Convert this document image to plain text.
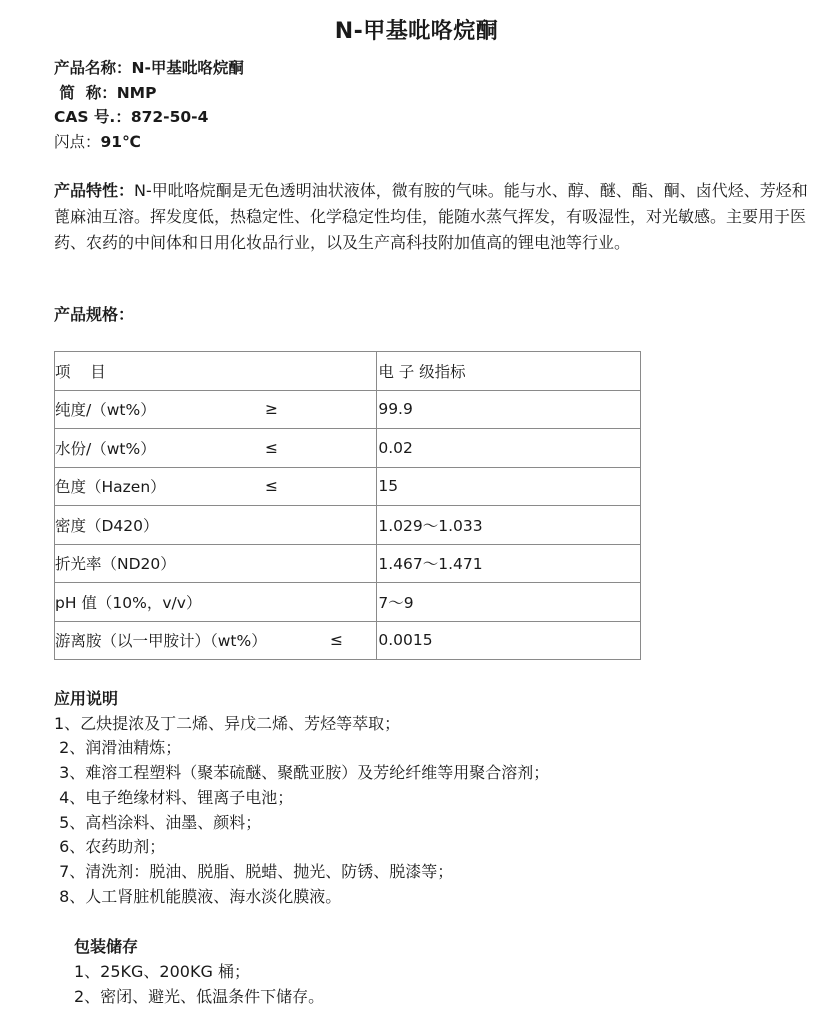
N-甲基吡咯烷酮
产品名称：N-甲基吡咯烷酮
简  称：NMP
CAS 号.：872-50-4
闪点：91℃
产品特性：N-甲吡咯烷酮是无色透明油状液体，微有胺的气味。能与水、醇、醚、酯、酮、卤代烃、芳烃和蓖麻油互溶。挥发度低，热稳定性、化学稳定性均佳，能随水蒸气挥发，有吸湿性，对光敏感。主要用于医药、农药的中间体和日用化妆品行业，以及生产高科技附加值高的锂电池等行业。
产品规格：
项    目	电 子 级指标

纯度/（wt%） ≥	99.9

水份/（wt%） ≤	0.02

色度（Hazen） ≤	15

密度（D420）	1.029～1.033

折光率（ND20）	1.467～1.471

pH 值（10%，v/v）	7～9

游离胺（以一甲胺计）（wt%） ≤	0.0015
应用说明
1、乙炔提浓及丁二烯、异戊二烯、芳烃等萃取；
2、润滑油精炼；
3、难溶工程塑料（聚苯硫醚、聚酰亚胺）及芳纶纤维等用聚合溶剂；
4、电子绝缘材料、锂离子电池；
5、高档涂料、油墨、颜料；
6、农药助剂；
7、清洗剂：脱油、脱脂、脱蜡、抛光、防锈、脱漆等；
8、人工肾脏机能膜液、海水淡化膜液。
包装储存
1、25KG、200KG 桶；
2、密闭、避光、低温条件下储存。
